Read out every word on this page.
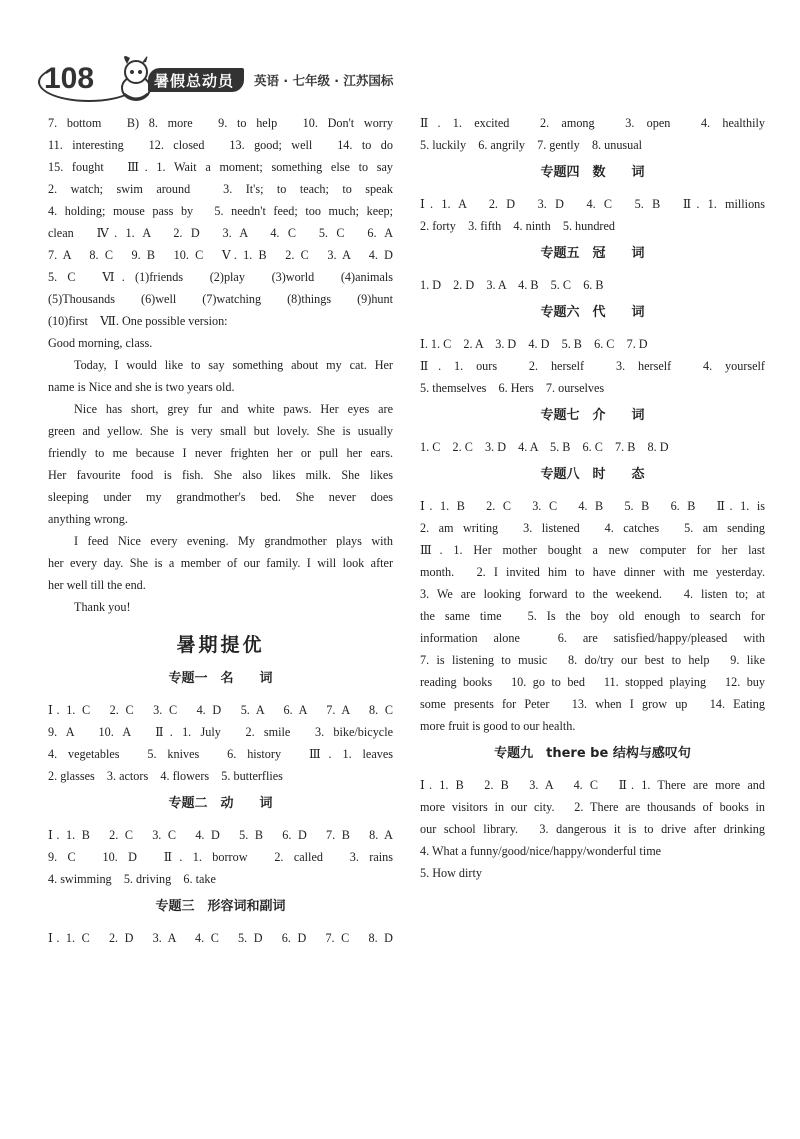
108	暑假总动员 英语 · 七年级 · 江苏国标
7. bottom　B) 8. more　9. to help　10. Don't worry
11. interesting　12. closed　13. good; well　14. to do
15. fought　Ⅲ. 1. Wait a moment; something else to say
2. watch; swim around　3. It's; to teach; to speak
4. holding; mouse pass by　5. needn't feed; too much; keep;
clean　Ⅳ. 1. A　2. D　3. A　4. C　5. C　6. A
7. A　8. C　9. B　10. C　Ⅴ. 1. B　2. C　3. A　4. D
5. C　Ⅵ. (1)friends　(2)play　(3)world　(4)animals
(5)Thousands　(6)well　(7)watching　(8)things　(9)hunt
(10)first　Ⅶ. One possible version:
Good morning, class.
Today, I would like to say something about my cat. Her
name is Nice and she is two years old.
Nice has short, grey fur and white paws. Her eyes are
green and yellow. She is very small but lovely. She is usually
friendly to me because I never frighten her or pull her ears.
Her favourite food is fish. She also likes milk. She likes
sleeping under my grandmother's bed. She never does
anything wrong.
I feed Nice every evening. My grandmother plays with
her every day. She is a member of our family. I will look after
her well till the end.
Thank you!
暑期提优
专题一　名　　词
Ⅰ. 1. C　2. C　3. C　4. D　5. A　6. A　7. A　8. C
9. A　10. A　Ⅱ. 1. July　2. smile　3. bike/bicycle
4. vegetables　5. knives　6. history　Ⅲ. 1. leaves
2. glasses　3. actors　4. flowers　5. butterflies
专题二　动　　词
Ⅰ. 1. B　2. C　3. C　4. D　5. B　6. D　7. B　8. A
9. C　10. D　Ⅱ. 1. borrow　2. called　3. rains
4. swimming　5. driving　6. take
专题三　形容词和副词
Ⅰ. 1. C　2. D　3. A　4. C　5. D　6. D　7. C　8. D
Ⅱ. 1. excited　2. among　3. open　4. healthily
5. luckily　6. angrily　7. gently　8. unusual
专题四　数　　词
Ⅰ. 1. A　2. D　3. D　4. C　5. B　Ⅱ. 1. millions
2. forty　3. fifth　4. ninth　5. hundred
专题五　冠　　词
1. D　2. D　3. A　4. B　5. C　6. B
专题六　代　　词
Ⅰ. 1. C　2. A　3. D　4. D　5. B　6. C　7. D
Ⅱ. 1. ours　2. herself　3. herself　4. yourself
5. themselves　6. Hers　7. ourselves
专题七　介　　词
1. C　2. C　3. D　4. A　5. B　6. C　7. B　8. D
专题八　时　　态
Ⅰ. 1. B　2. C　3. C　4. B　5. B　6. B　Ⅱ. 1. is
2. am writing　3. listened　4. catches　5. am sending
Ⅲ. 1. Her mother bought a new computer for her last
month.　2. I invited him to have dinner with me yesterday.
3. We are looking forward to the weekend.　4. listen to; at
the same time　5. Is the boy old enough to search for
information alone　6. are satisfied/happy/pleased with
7. is listening to music　8. do/try our best to help　9. like
reading books　10. go to bed　11. stopped playing　12. buy
some presents for Peter　13. when I grow up　14. Eating
more fruit is good to our health.
专题九　there be 结构与感叹句
Ⅰ. 1. B　2. B　3. A　4. C　Ⅱ. 1. There are more and
more visitors in our city.　2. There are thousands of books in
our school library.　3. dangerous it is to drive after drinking
4. What a funny/good/nice/happy/wonderful time
5. How dirty
